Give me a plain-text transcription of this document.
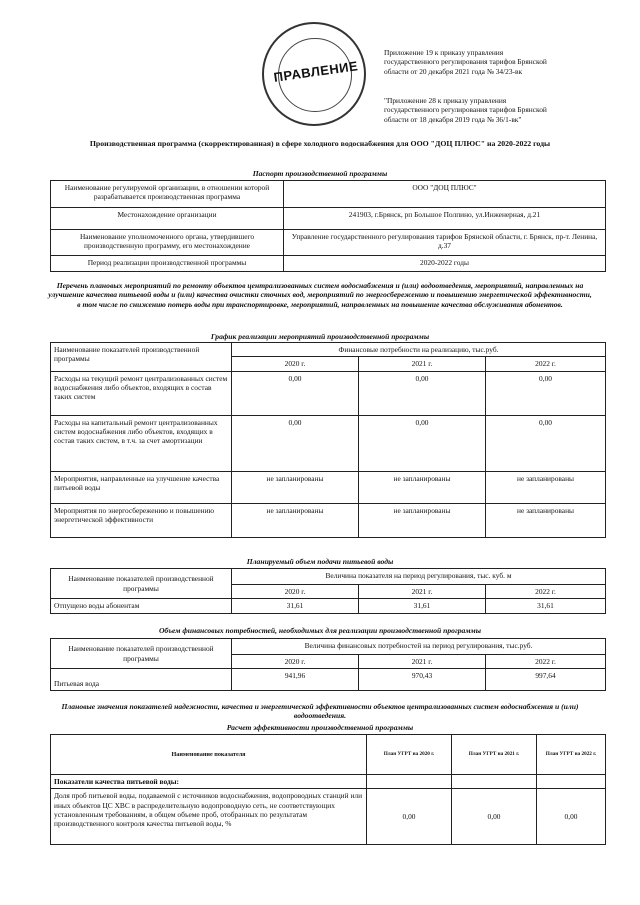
ПРАВЛЕНИЕ
Приложение 19 к приказу управления
государственного регулирования тарифов Брянской
области от 20 декабря 2021 года № 34/23-вк
"Приложение 28 к приказу управления
государственного регулирования тарифов Брянской
области от 18 декабря 2019 года № 36/1-вк"
Производственная программа (скорректированная) в сфере холодного водоснабжения для ООО "ДОЦ ПЛЮС" на 2020-2022 годы
Паспорт производственной программы
Наименование регулируемой организации, в отношении которой разрабатывается производственная программа	ООО "ДОЦ ПЛЮС"
Местонахождение организации	241903, г.Брянск, рп Большое Полпино, ул.Инженерная, д.21
Наименование уполномоченного органа, утвердившего производственную программу, его местонахождение	Управление государственного регулирования тарифов Брянской области, г. Брянск, пр-т. Ленина, д.37
Период реализации производственной программы	2020-2022 годы
Перечень плановых мероприятий по ремонту объектов централизованных систем водоснабжения и (или) водоотведения, мероприятий, направленных на улучшение качества питьевой воды и (или) качества очистки сточных вод, мероприятий по энергосбережению и повышению энергетической эффективности, в том числе по снижению потерь воды при транспортировке, мероприятий, направленных на повышение качества обслуживания абонентов.
График реализации мероприятий производственной программы
Наименование показателей производственной программы	Финансовые потребности на реализацию, тыс.руб.		
	2020 г.	2021 г.	2022 г.
Расходы на текущий ремонт централизованных систем водоснабжения либо объектов, входящих в состав таких систем	0,00	0,00	0,00
Расходы на капитальный ремонт централизованных систем водоснабжения либо объектов, входящих в состав таких систем, в т.ч. за счет амортизации	0,00	0,00	0,00
Мероприятия, направленные на улучшение качества питьевой воды	не запланированы	не запланированы	не запланированы
Мероприятия по энергосбережению и повышению энергетической эффективности	не запланированы	не запланированы	не запланированы
Планируемый объем подачи питьевой воды
Наименование показателей производственной программы	Величина показателя на период регулирования, тыс. куб. м		
	2020 г.	2021 г.	2022 г.
Отпущено воды абонентам	31,61	31,61	31,61
Объем финансовых потребностей, необходимых для реализации производственной программы
Наименование показателей производственной программы	Величина финансовых потребностей на период регулирования, тыс.руб.		
	2020 г.	2021 г.	2022 г.
Питьевая вода	941,96	970,43	997,64
Плановые значения показателей надежности, качества и энергетической эффективности объектов централизованных систем водоснабжения и (или) водоотведения.
Расчет эффективности производственной программы
Наименование показателя	План УГРТ на 2020 г.	План УГРТ на 2021 г.	План УГРТ на 2022 г.
Показатели качества питьевой воды:			
Доля проб питьевой воды, подаваемой с источников водоснабжения, водопроводных станций или иных объектов ЦС ХВС в распределительную водопроводную сеть, не соответствующих установленным требованиям, в общем объеме проб, отобранных по результатам производственного контроля качества питьевой воды, %	0,00	0,00	0,00
